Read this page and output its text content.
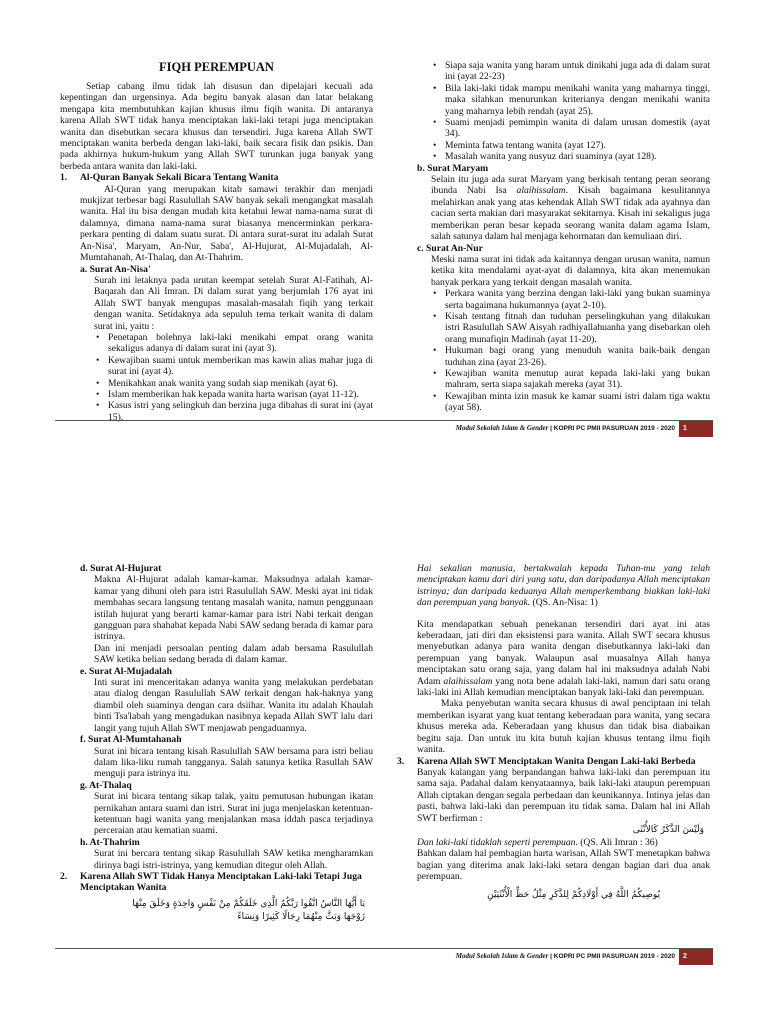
FIQH PEREMPUAN

Setiap cabang ilmu tidak lah disusun dan dipelajari kecuali ada kepentingan dan urgensinya. Ada begitu banyak alasan dan latar belakang mengapa kita membutuhkan kajian khusus ilmu fiqih wanita. Di antaranya karena Allah SWT tidak hanya menciptakan laki-laki tetapi juga menciptakan wanita dan disebutkan secara khusus dan tersendiri. Juga karena Allah SWT menciptakan wanita berbeda dengan laki-laki, baik secara fisik dan psikis. Dan pada akhirnya hukum-hukum yang Allah SWT turunkan juga banyak yang berbeda antara wanita dan laki-laki.

1.	Al-Quran Banyak Sekali Bicara Tentang Wanita

Al-Quran yang merupakan kitab samawi terakhir dan menjadi mukjizat terbesar bagi Rasulullah SAW banyak sekali mengangkat masalah wanita. Hal itu bisa dengan mudah kita ketahui lewat nama-nama surat di dalamnya, dimana nama-nama surat biasanya mencerminkan perkara-perkara penting di dalam suatu surat. Di antara surat-surat itu adalah Surat An-Nisa', Maryam, An-Nur, Saba', Al-Hujurat, Al-Mujadalah, Al-Mumtahanah, At-Thalaq, dan At-Thahrim.

a. Surat An-Nisa'

Surah ini letaknya pada urutan keempat setelah Surat Al-Fatihah, Al-Baqarah dan Ali Imran. Di dalam surat yang berjumlah 176 ayat ini Allah SWT banyak mengupas masalah-masalah fiqih yang terkait dengan wanita. Setidaknya ada sepuluh tema terkait wanita di dalam surat ini, yaitu :

• Penetapan bolehnya laki-laki menikahi empat orang wanita sekaligus adanya di dalam surat ini (ayat 3).
• Kewajiban suami untuk memberikan mas kawin alias mahar juga di surat ini (ayat 4).
• Menikahkan anak wanita yang sudah siap menikah (ayat 6).
• Islam memberikan hak kepada wanita harta warisan (ayat 11-12).
• Kasus istri yang selingkuh dan berzina juga dibahas di surat ini (ayat 15).
• Siapa saja wanita yang haram untuk dinikahi juga ada di dalam surat ini (ayat 22-23)
• Bila laki-laki tidak mampu menikahi wanita yang maharnya tinggi, maka silahkan menurunkan kriterianya dengan menikahi wanita yang maharnya lebih rendah (ayat 25).
• Suami menjadi pemimpin wanita di dalam urusan domestik (ayat 34).
• Meminta fatwa tentang wanita (ayat 127).
• Masalah wanita yang nusyuz dari suaminya (ayat 128).

b. Surat Maryam

Selain itu juga ada surat Maryam yang berkisah tentang peran seorang ibunda Nabi Isa alaihissalam. Kisah bagaimana kesulitannya melahirkan anak yang atas kehendak Allah SWT tidak ada ayahnya dan cacian serta makian dari masyarakat sekitarnya. Kisah ini sekaligus juga memberikan peran besar kepada seorang wanita dalam agama Islam, salah satunya dalam hal menjaga kehormatan dan kemuliaan diri.

c. Surat An-Nur

Meski nama surat ini tidak ada kaitannya dengan urusan wanita, namun ketika kita mendalami ayat-ayat di dalamnya, kita akan menemukan banyak perkara yang terkait dengan masalah wanita.

• Perkara wanita yang berzina dengan laki-laki yang bukan suaminya serta bagaimana hukumannya (ayat 2-10).
• Kisah tentang fitnah dan tuduhan perselingkuhan yang dilakukan istri Rasulullah SAW Aisyah radhiyallahuanha yang disebarkan oleh orang munafiqin Madinah (ayat 11-20).
• Hukuman bagi orang yang menuduh wanita baik-baik dengan tuduhan zina (ayat 23-26).
• Kewajiban wanita menutup aurat kepada laki-laki yang bukan mahram, serta siapa sajakah mereka (ayat 31).
• Kewajiban minta izin masuk ke kamar suami istri dalam tiga waktu (ayat 58).
Modul Sekolah Islam & Gender | KOPRI PC PMII PASURUAN 2019 - 2020	1

d. Surat Al-Hujurat

Makna Al-Hujurat adalah kamar-kamar. Maksudnya adalah kamar-kamar yang dihuni oleh para istri Rasulullah SAW. Meski ayat ini tidak membahas secara langsung tentang masalah wanita, namun penggunaan istilah hujurat yang berarti kamar-kamar para istri Nabi terkait dengan gangguan para shahabat kepada Nabi SAW sedang berada di kamar para istrinya.

Dan ini menjadi persoalan penting dalam adab bersama Rasulullah SAW ketika beliau sedang berada di dalam kamar.

e. Surat Al-Mujadalah

Inti surat ini menceritakan adanya wanita yang melakukan perdebatan atau dialog dengan Rasulullah SAW terkait dengan hak-haknya yang diambil oleh suaminya dengan cara dsiihar. Wanita itu adalah Khaulah binti Tsa'labah yang mengadukan nasibnya kepada Allah SWT lalu dari langit yang tujuh Allah SWT menjawab pengaduannya.

f. Surat Al-Mumtahanah

Surat ini bicara tentang kisah Rasulullah SAW bersama para istri beliau dalam lika-liku rumah tangganya. Salah satunya ketika Rasullah SAW menguji para istrinya itu.

g. At-Thalaq

Surat ini bicara tentang sikap talak, yaitu pemutusan hubungan ikatan pernikahan antara suami dan istri. Surat ini juga menjelaskan ketentuan-ketentuan bagi wanita yang menjalankan masa iddah pasca terjadinya perceraian atau kematian suami.

h. At-Thahrim

Surat ini bercara tentang sikap Rasulullah SAW ketika mengharamkan dirinya bagi istri-istrinya, yang kemudian ditegur oleh Allah.

2.	Karena Allah SWT Tidak Hanya Menciptakan Laki-laki Tetapi Juga Menciptakan Wanita

يَا أَيُّهَا النَّاسُ اتَّقُوا رَبَّكُمُ الَّذِي خَلَقَكُمْ مِنْ نَفْسٍ وَاحِدَةٍ وَخَلَقَ مِنْهَا زَوْجَهَا وَبَثَّ مِنْهُمَا رِجَالًا كَثِيرًا وَنِسَاءً

Hai sekalian manusia, bertakwalah kepada Tuhan-mu yang telah menciptakan kamu dari diri yang satu, dan daripadanya Allah menciptakan istrinya; dan daripada keduanya Allah memperkembang biakkan laki-laki dan perempuan yang banyak. (QS. An-Nisa: 1)

Kita mendapatkan sebuah penekanan tersendiri dari ayat ini atas keberadaan, jati diri dan eksistensi para wanita. Allah SWT secara khusus menyebutkan adanya para wanita dengan disebutkannya laki-laki dan perempuan yang banyak. Walaupun asal muasalnya Allah hanya menciptakan satu orang saja, yang dalam hal ini maksudnya adalah Nabi Adam alaihissalam yang nota bene adalah laki-laki, namun dari satu orang laki-laki ini Allah kemudian menciptakan banyak laki-laki dan perempuan.

Maka penyebutan wanita secara khusus di awal penciptaan ini telah memberikan isyarat yang kuat tentang keberadaan para wanita, yang secara khusus mereka ada. Keberadaan yang khusus dan tidak bisa diabaikan begitu saja. Dan untuk itu kita butuh kajian khusus tentang ilmu fiqih wanita.

3.	Karena Allah SWT Menciptakan Wanita Dengan Laki-laki Berbeda

Banyak kalangan yang berpandangan bahwa laki-laki dan perempuan itu sama saja. Padahal dalam kenyataannya, baik laki-laki ataupun perempuan Allah ciptakan dengan segala perbedaan dan keunikannya. Intinya jelas dan pasti, bahwa laki-laki dan perempuan itu tidak sama. Dalam hal ini Allah SWT berfirman :

وَلَيْسَ الذَّكَرُ كَالأُنْثَى

Dan laki-laki tidaklah seperti perempuan. (QS. Ali Imran : 36)

Bahkan dalam hal pembagian harta warisan, Allah SWT menetapkan bahwa bagian yang diterima anak laki-laki setara dengan bagian dari dua anak perempuan.

يُوصِيكُمُ اللَّهُ فِي أَوْلَادِكُمْ لِلذَّكَرِ مِثْلُ حَظِّ الْأُنْثَيَيْنِ

Modul Sekolah Islam & Gender | KOPRI PC PMII PASURUAN 2019 - 2020	2
